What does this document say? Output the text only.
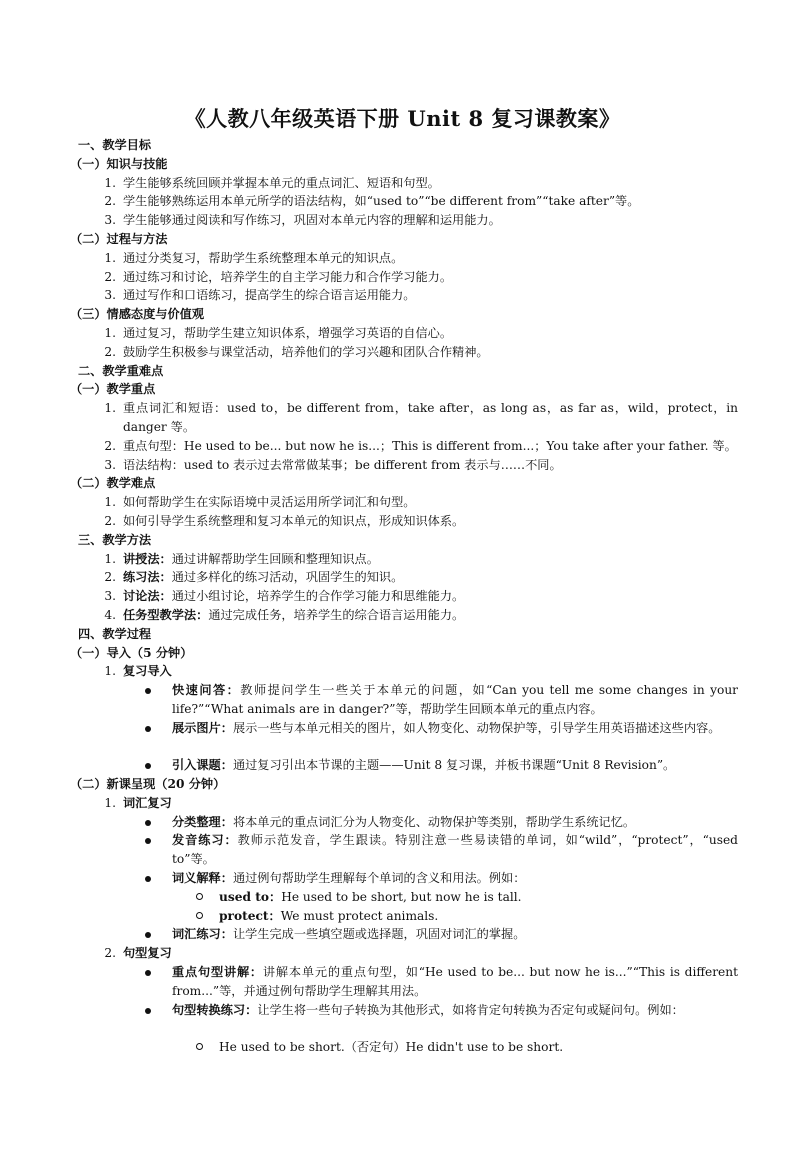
《人教八年级英语下册 Unit 8 复习课教案》
一、教学目标
（一）知识与技能
1. 学生能够系统回顾并掌握本单元的重点词汇、短语和句型。
2. 学生能够熟练运用本单元所学的语法结构，如“used to”“be different from”“take after”等。
3. 学生能够通过阅读和写作练习，巩固对本单元内容的理解和运用能力。
（二）过程与方法
1. 通过分类复习，帮助学生系统整理本单元的知识点。
2. 通过练习和讨论，培养学生的自主学习能力和合作学习能力。
3. 通过写作和口语练习，提高学生的综合语言运用能力。
（三）情感态度与价值观
1. 通过复习，帮助学生建立知识体系，增强学习英语的自信心。
2. 鼓励学生积极参与课堂活动，培养他们的学习兴趣和团队合作精神。
二、教学重难点
（一）教学重点
1. 重点词汇和短语：used to，be different from，take after，as long as，as far as，wild，protect，in danger 等。
2. 重点句型：He used to be... but now he is...；This is different from...；You take after your father. 等。
3. 语法结构：used to 表示过去常常做某事；be different from 表示与……不同。
（二）教学难点
1. 如何帮助学生在实际语境中灵活运用所学词汇和句型。
2. 如何引导学生系统整理和复习本单元的知识点，形成知识体系。
三、教学方法
1. 讲授法：通过讲解帮助学生回顾和整理知识点。
2. 练习法：通过多样化的练习活动，巩固学生的知识。
3. 讨论法：通过小组讨论，培养学生的合作学习能力和思维能力。
4. 任务型教学法：通过完成任务，培养学生的综合语言运用能力。
四、教学过程
（一）导入（5 分钟）
1. 复习导入
快速问答：教师提问学生一些关于本单元的问题，如“Can you tell me some changes in your life?”“What animals are in danger?”等，帮助学生回顾本单元的重点内容。
展示图片：展示一些与本单元相关的图片，如人物变化、动物保护等，引导学生用英语描述这些内容。
引入课题：通过复习引出本节课的主题——Unit 8 复习课，并板书课题“Unit 8 Revision”。
（二）新课呈现（20 分钟）
1. 词汇复习
分类整理：将本单元的重点词汇分为人物变化、动物保护等类别，帮助学生系统记忆。
发音练习：教师示范发音，学生跟读。特别注意一些易读错的单词，如“wild”，“protect”，“used to”等。
词义解释：通过例句帮助学生理解每个单词的含义和用法。例如：
used to：He used to be short, but now he is tall.
protect：We must protect animals.
词汇练习：让学生完成一些填空题或选择题，巩固对词汇的掌握。
2. 句型复习
重点句型讲解：讲解本单元的重点句型，如“He used to be... but now he is...”“This is different from...”等，并通过例句帮助学生理解其用法。
句型转换练习：让学生将一些句子转换为其他形式，如将肯定句转换为否定句或疑问句。例如：
He used to be short.（否定句）He didn't use to be short.
